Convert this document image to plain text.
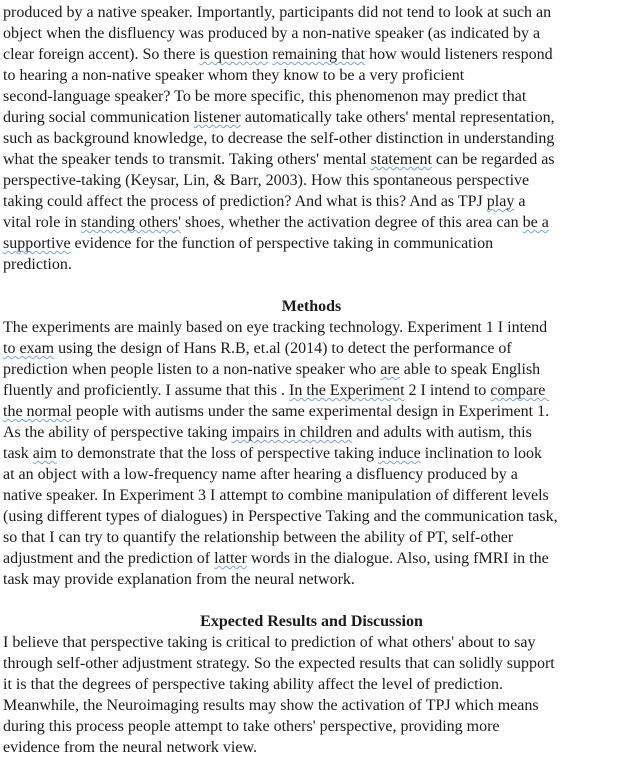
produced by a native speaker. Importantly, participants did not tend to look at such an
object when the disfluency was produced by a non-native speaker (as indicated by a
clear foreign accent). So there is question remaining that how would listeners respond
to hearing a non-native speaker whom they know to be a very proficient
second-language speaker? To be more specific, this phenomenon may predict that
during social communication listener automatically take others' mental representation,
such as background knowledge, to decrease the self-other distinction in understanding
what the speaker tends to transmit. Taking others' mental statement can be regarded as
perspective-taking (Keysar, Lin, & Barr, 2003). How this spontaneous perspective
taking could affect the process of prediction? And what is this? And as TPJ play a
vital role in standing others' shoes, whether the activation degree of this area can be a
supportive evidence for the function of perspective taking in communication
prediction.
Methods
The experiments are mainly based on eye tracking technology. Experiment 1 I intend
to exam using the design of Hans R.B, et.al (2014) to detect the performance of
prediction when people listen to a non-native speaker who are able to speak English
fluently and proficiently. I assume that this . In the Experiment 2 I intend to compare
the normal people with autisms under the same experimental design in Experiment 1.
As the ability of perspective taking impairs in children and adults with autism, this
task aim to demonstrate that the loss of perspective taking induce inclination to look
at an object with a low-frequency name after hearing a disfluency produced by a
native speaker. In Experiment 3 I attempt to combine manipulation of different levels
(using different types of dialogues) in Perspective Taking and the communication task,
so that I can try to quantify the relationship between the ability of PT, self-other
adjustment and the prediction of latter words in the dialogue. Also, using fMRI in the
task may provide explanation from the neural network.
Expected Results and Discussion
I believe that perspective taking is critical to prediction of what others' about to say
through self-other adjustment strategy. So the expected results that can solidly support
it is that the degrees of perspective taking ability affect the level of prediction.
Meanwhile, the Neuroimaging results may show the activation of TPJ which means
during this process people attempt to take others' perspective, providing more
evidence from the neural network view.
